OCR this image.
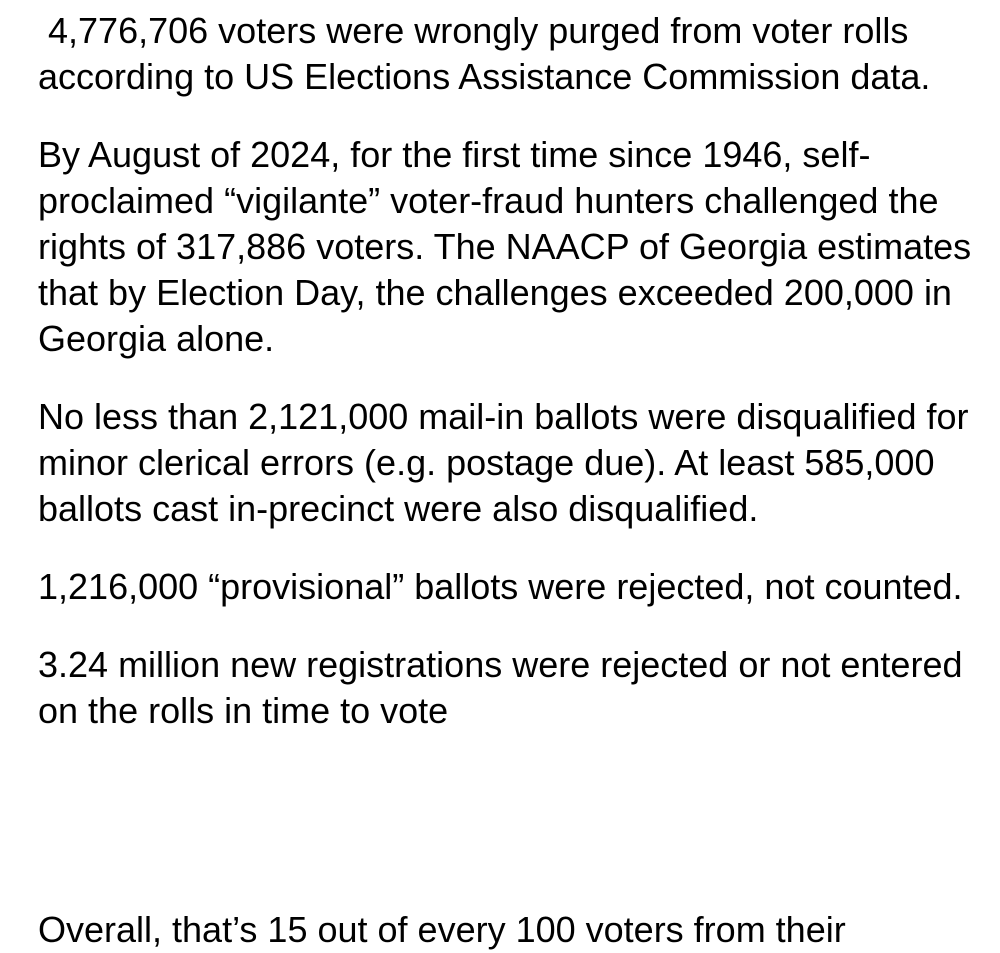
4,776,706 voters were wrongly purged from voter rolls according to US Elections Assistance Commission data.

By August of 2024, for the first time since 1946, self-proclaimed “vigilante” voter-fraud hunters challenged the rights of 317,886 voters. The NAACP of Georgia estimates that by Election Day, the challenges exceeded 200,000 in Georgia alone.

No less than 2,121,000 mail-in ballots were disqualified for minor clerical errors (e.g. postage due). At least 585,000 ballots cast in-precinct were also disqualified.

1,216,000 “provisional” ballots were rejected, not counted.

3.24 million new registrations were rejected or not entered on the rolls in time to vote

Overall, that’s 15 out of every 100 voters from their
